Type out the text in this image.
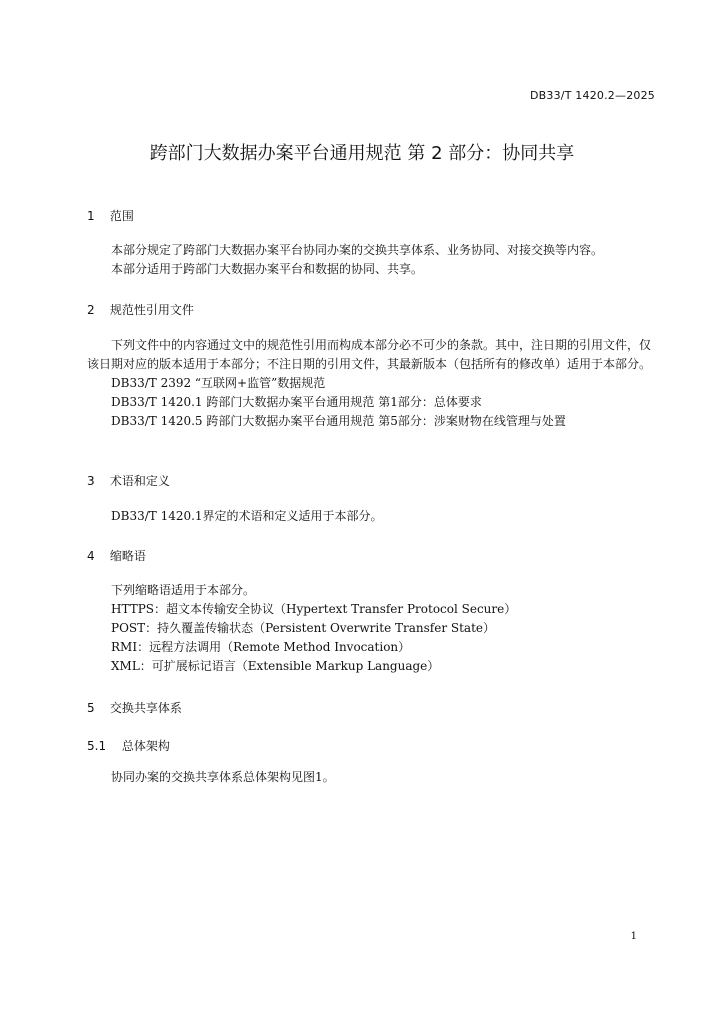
DB33/T 1420.2—2025
跨部门大数据办案平台通用规范 第 2 部分：协同共享
1 范围

本部分规定了跨部门大数据办案平台协同办案的交换共享体系、业务协同、对接交换等内容。

本部分适用于跨部门大数据办案平台和数据的协同、共享。

2 规范性引用文件

下列文件中的内容通过文中的规范性引用而构成本部分必不可少的条款。其中，注日期的引用文件，仅该日期对应的版本适用于本部分；不注日期的引用文件，其最新版本（包括所有的修改单）适用于本部分。

DB33/T 2392 “互联网+监管”数据规范

DB33/T 1420.1 跨部门大数据办案平台通用规范 第1部分：总体要求

DB33/T 1420.5 跨部门大数据办案平台通用规范 第5部分：涉案财物在线管理与处置

3 术语和定义

DB33/T 1420.1界定的术语和定义适用于本部分。

4 缩略语

下列缩略语适用于本部分。

HTTPS：超文本传输安全协议（Hypertext Transfer Protocol Secure）

POST：持久覆盖传输状态（Persistent Overwrite Transfer State）

RMI：远程方法调用（Remote Method Invocation）

XML：可扩展标记语言（Extensible Markup Language）

5 交换共享体系
5.1 总体架构

协同办案的交换共享体系总体架构见图1。

1
